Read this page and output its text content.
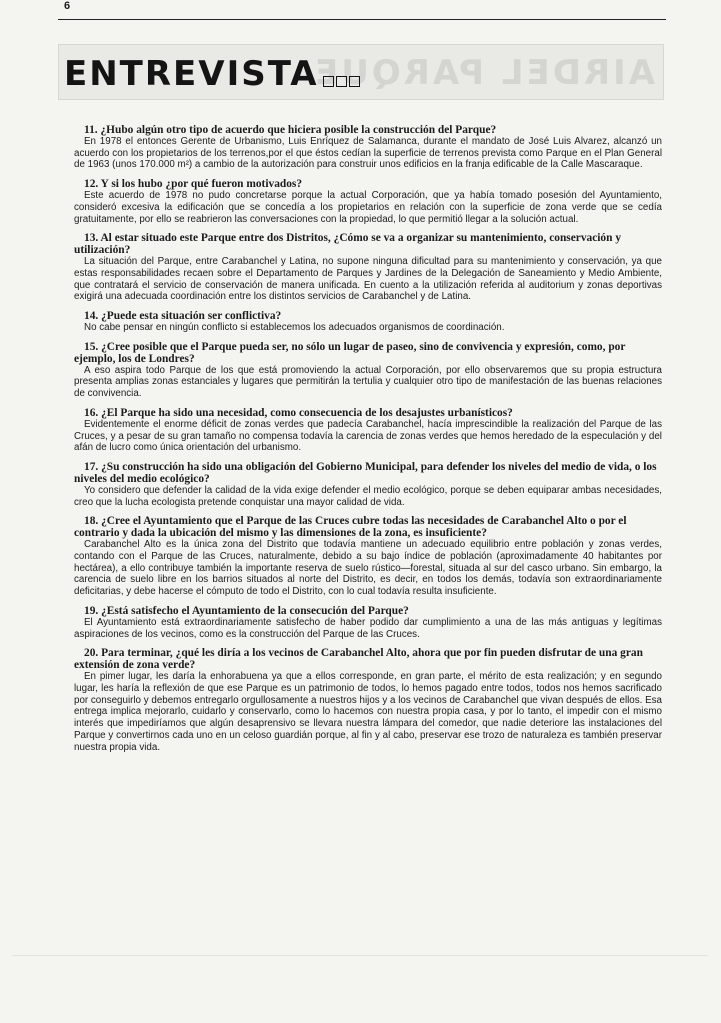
6
AIRDEL PARQUE
ENTREVISTA
11. ¿Hubo algún otro tipo de acuerdo que hiciera posible la construcción del Parque?
En 1978 el entonces Gerente de Urbanismo, Luis Enríquez de Salamanca, durante el mandato de José Luis Alvarez, alcanzó un acuerdo con los propietarios de los terrenos,por el que éstos cedían la superficie de terrenos prevista como Parque en el Plan General de 1963 (unos 170.000 m²) a cambio de la autorización para construir unos edificios en la franja edificable de la Calle Mascaraque.
12. Y si los hubo ¿por qué fueron motivados?
Este acuerdo de 1978 no pudo concretarse porque la actual Corporación, que ya había tomado posesión del Ayuntamiento, consideró excesiva la edificación que se concedía a los propietarios en relación con la superficie de zona verde que se cedía gratuitamente, por ello se reabrieron las conversaciones con la propiedad, lo que permitió llegar a la solución actual.
13. Al estar situado este Parque entre dos Distritos, ¿Cómo se va a organizar su mantenimiento, conservación y utilización?
La situación del Parque, entre Carabanchel y Latina, no supone ninguna dificultad para su mantenimiento y conservación, ya que estas responsabilidades recaen sobre el Departamento de Parques y Jardines de la Delegación de Saneamiento y Medio Ambiente, que contratará el servicio de conservación de manera unificada. En cuento a la utilización referida al auditorium y zonas deportivas exigirá una adecuada coordinación entre los distintos servicios de Carabanchel y de Latina.
14. ¿Puede esta situación ser conflictiva?
No cabe pensar en ningún conflicto si establecemos los adecuados organismos de coordinación.
15. ¿Cree posible que el Parque pueda ser, no sólo un lugar de paseo, sino de convivencia y expresión, como, por ejemplo, los de Londres?
A eso aspira todo Parque de los que está promoviendo la actual Corporación, por ello observaremos que su propia estructura presenta amplias zonas estanciales y lugares que permitirán la tertulia y cualquier otro tipo de manifestación de las buenas relaciones de convivencia.
16. ¿El Parque ha sido una necesidad, como consecuencia de los desajustes urbanísticos?
Evidentemente el enorme déficit de zonas verdes que padecía Carabanchel, hacía imprescindible la realización del Parque de las Cruces, y a pesar de su gran tamaño no compensa todavía la carencia de zonas verdes que hemos heredado de la especulación y del afán de lucro como única orientación del urbanismo.
17. ¿Su construcción ha sido una obligación del Gobierno Municipal, para defender los niveles del medio de vida, o los niveles del medio ecológico?
Yo considero que defender la calidad de la vida exige defender el medio ecológico, porque se deben equiparar ambas necesidades, creo que la lucha ecologista pretende conquistar una mayor calidad de vida.
18. ¿Cree el Ayuntamiento que el Parque de las Cruces cubre todas las necesidades de Carabanchel Alto o por el contrario y dada la ubicación del mismo y las dimensiones de la zona, es insuficiente?
Carabanchel Alto es la única zona del Distrito que todavía mantiene un adecuado equilibrio entre población y zonas verdes, contando con el Parque de las Cruces, naturalmente, debido a su bajo índice de población (aproximadamente 40 habitantes por hectárea), a ello contribuye también la importante reserva de suelo rústico—forestal, situada al sur del casco urbano. Sin embargo, la carencia de suelo libre en los barrios situados al norte del Distrito, es decir, en todos los demás, todavía son extraordinariamente deficitarias, y debe hacerse el cómputo de todo el Distrito, con lo cual todavía resulta insuficiente.
19. ¿Está satisfecho el Ayuntamiento de la consecución del Parque?
El Ayuntamiento está extraordinariamente satisfecho de haber podido dar cumplimiento a una de las más antiguas y legítimas aspiraciones de los vecinos, como es la construcción del Parque de las Cruces.
20. Para terminar, ¿qué les diría a los vecinos de Carabanchel Alto, ahora que por fin pueden disfrutar de una gran extensión de zona verde?
En pimer lugar, les daría la enhorabuena ya que a ellos corresponde, en gran parte, el mérito de esta realización; y en segundo lugar, les haría la reflexión de que ese Parque es un patrimonio de todos, lo hemos pagado entre todos, todos nos hemos sacrificado por conseguirlo y debemos entregarlo orgullosamente a nuestros hijos y a los vecinos de Carabanchel que vivan después de ellos. Esa entrega implica mejorarlo, cuidarlo y conservarlo, como lo hacemos con nuestra propia casa, y por lo tanto, el impedir con el mismo interés que impediríamos que algún desaprensivo se llevara nuestra lámpara del comedor, que nadie deteriore las instalaciones del Parque y convertirnos cada uno en un celoso guardián porque, al fin y al cabo, preservar ese trozo de naturaleza es también preservar nuestra propia vida.
